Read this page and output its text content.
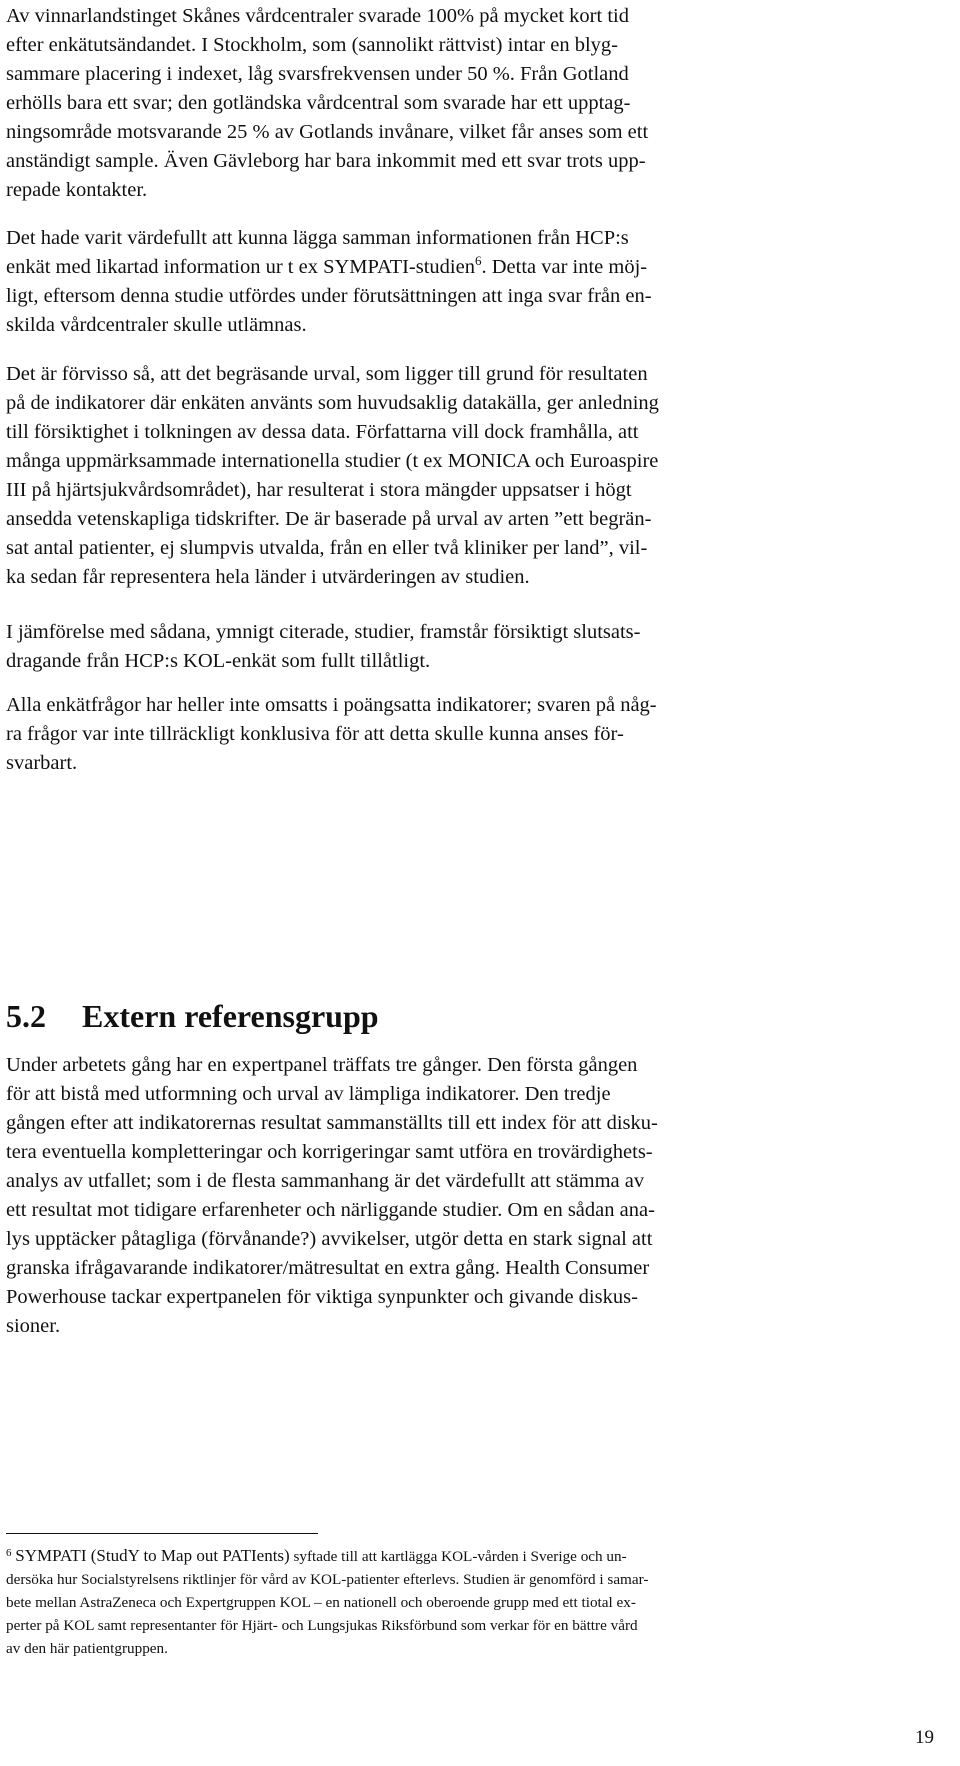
Av vinnarlandstinget Skånes vårdcentraler svarade 100% på mycket kort tid
efter enkätutsändandet. I Stockholm, som (sannolikt rättvist) intar en blyg-
sammare placering i indexet, låg svarsfrekvensen under 50 %. Från Gotland
erhölls bara ett svar; den gotländska vårdcentral som svarade har ett upptag-
ningsområde motsvarande 25 % av Gotlands invånare, vilket får anses som ett
anständigt sample. Även Gävleborg har bara inkommit med ett svar trots upp-
repade kontakter.

Det hade varit värdefullt att kunna lägga samman informationen från HCP:s
enkät med likartad information ur t ex SYMPATI-studien$^6$. Detta var inte möj-
ligt, eftersom denna studie utfördes under förutsättningen att inga svar från en-
skilda vårdcentraler skulle utlämnas.

Det är förvisso så, att det begräsande urval, som ligger till grund för resultaten
på de indikatorer där enkäten använts som huvudsaklig datakälla, ger anledning
till försiktighet i tolkningen av dessa data. Författarna vill dock framhålla, att
många uppmärksammade internationella studier (t ex MONICA och Euroaspire
III på hjärtsjukvårdsområdet), har resulterat i stora mängder uppsatser i högt
ansedda vetenskapliga tidskrifter. De är baserade på urval av arten ”ett begrän-
sat antal patienter, ej slumpvis utvalda, från en eller två kliniker per land”, vil-
ka sedan får representera hela länder i utvärderingen av studien.

I jämförelse med sådana, ymnigt citerade, studier, framstår försiktigt slutsats-
dragande från HCP:s KOL-enkät som fullt tillåtligt.

Alla enkätfrågor har heller inte omsatts i poängsatta indikatorer; svaren på någ-
ra frågor var inte tillräckligt konklusiva för att detta skulle kunna anses för-
svarbart.

5.2 Extern referensgrupp

Under arbetets gång har en expertpanel träffats tre gånger. Den första gången
för att bistå med utformning och urval av lämpliga indikatorer. Den tredje
gången efter att indikatorernas resultat sammanställts till ett index för att disku-
tera eventuella kompletteringar och korrigeringar samt utföra en trovärdighets-
analys av utfallet; som i de flesta sammanhang är det värdefullt att stämma av
ett resultat mot tidigare erfarenheter och närliggande studier. Om en sådan ana-
lys upptäcker påtagliga (förvånande?) avvikelser, utgör detta en stark signal att
granska ifrågavarande indikatorer/mätresultat en extra gång. Health Consumer
Powerhouse tackar expertpanelen för viktiga synpunkter och givande diskus-
sioner.

$^6$ SYMPATI (StudY to Map out PATIents) syftade till att kartlägga KOL-vården i Sverige och un-
dersöka hur Socialstyrelsens riktlinjer för vård av KOL-patienter efterlevs. Studien är genomförd i samar-
bete mellan AstraZeneca och Expertgruppen KOL – en nationell och oberoende grupp med ett tiotal ex-
perter på KOL samt representanter för Hjärt- och Lungsjukas Riksförbund som verkar för en bättre vård
av den här patientgruppen.

19
